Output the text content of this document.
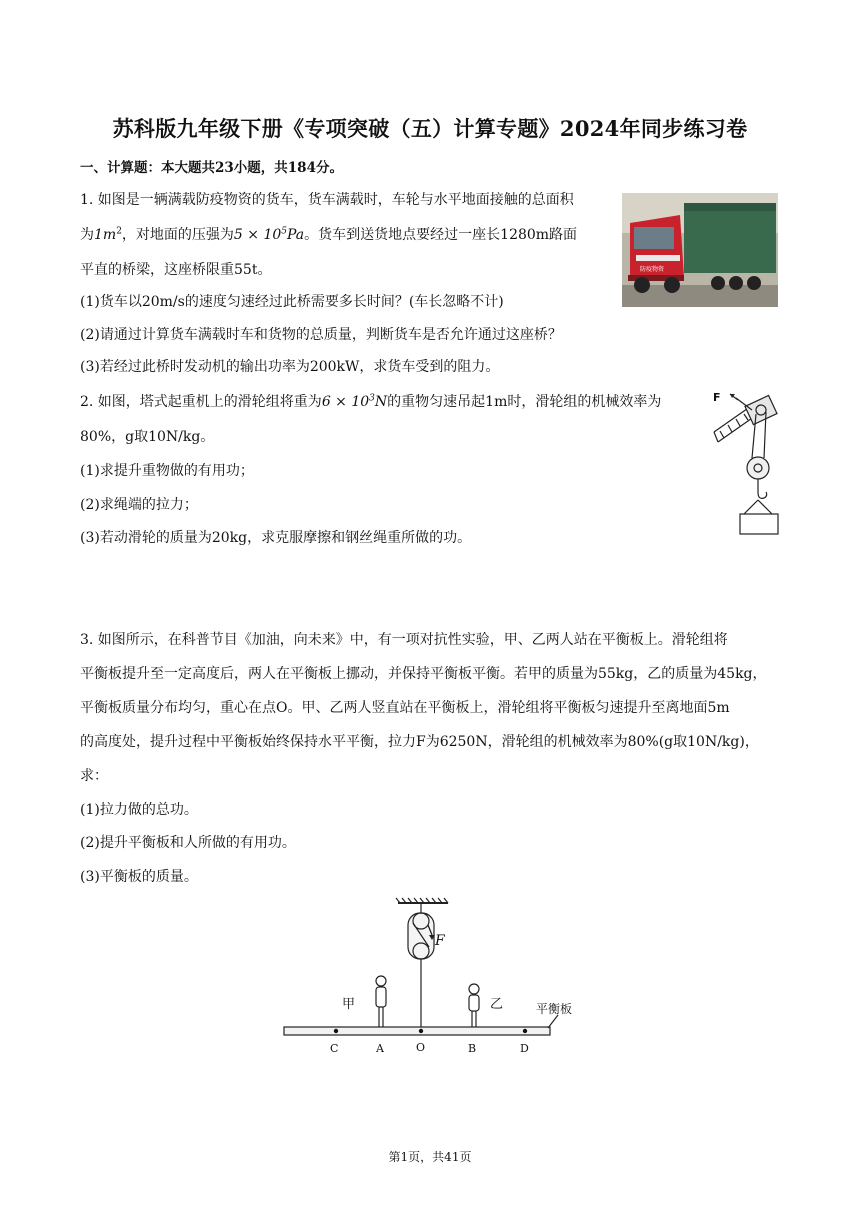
苏科版九年级下册《专项突破（五）计算专题》2024年同步练习卷
一、计算题：本大题共23小题，共184分。
1. 如图是一辆满载防疫物资的货车，货车满载时，车轮与水平地面接触的总面积
为$1m^2$，对地面的压强为$5 \times 10^5Pa$。货车到送货地点要经过一座长1280m路面
平直的桥梁，这座桥限重55t。
(1)货车以20m/s的速度匀速经过此桥需要多长时间？(车长忽略不计)
(2)请通过计算货车满载时车和货物的总质量，判断货车是否允许通过这座桥？
(3)若经过此桥时发动机的输出功率为200kW，求货车受到的阻力。
防疫物资
2. 如图，塔式起重机上的滑轮组将重为$6 \times 10^3N$的重物匀速吊起1m时，滑轮组的机械效率为
80%，g取10N/kg。
(1)求提升重物做的有用功；
(2)求绳端的拉力；
(3)若动滑轮的质量为20kg，求克服摩擦和钢丝绳重所做的功。
F
3. 如图所示，在科普节目《加油，向未来》中，有一项对抗性实验，甲、乙两人站在平衡板上。滑轮组将
平衡板提升至一定高度后，两人在平衡板上挪动，并保持平衡板平衡。若甲的质量为55kg，乙的质量为45kg，
平衡板质量分布均匀，重心在点O。甲、乙两人竖直站在平衡板上，滑轮组将平衡板匀速提升至离地面5m
的高度处，提升过程中平衡板始终保持水平平衡，拉力F为6250N，滑轮组的机械效率为80%(g取10N/kg)，
求：
(1)拉力做的总功。
(2)提升平衡板和人所做的有用功。
(3)平衡板的质量。
F
甲	乙	平衡板
C	A	O	B	D
第1页，共41页
